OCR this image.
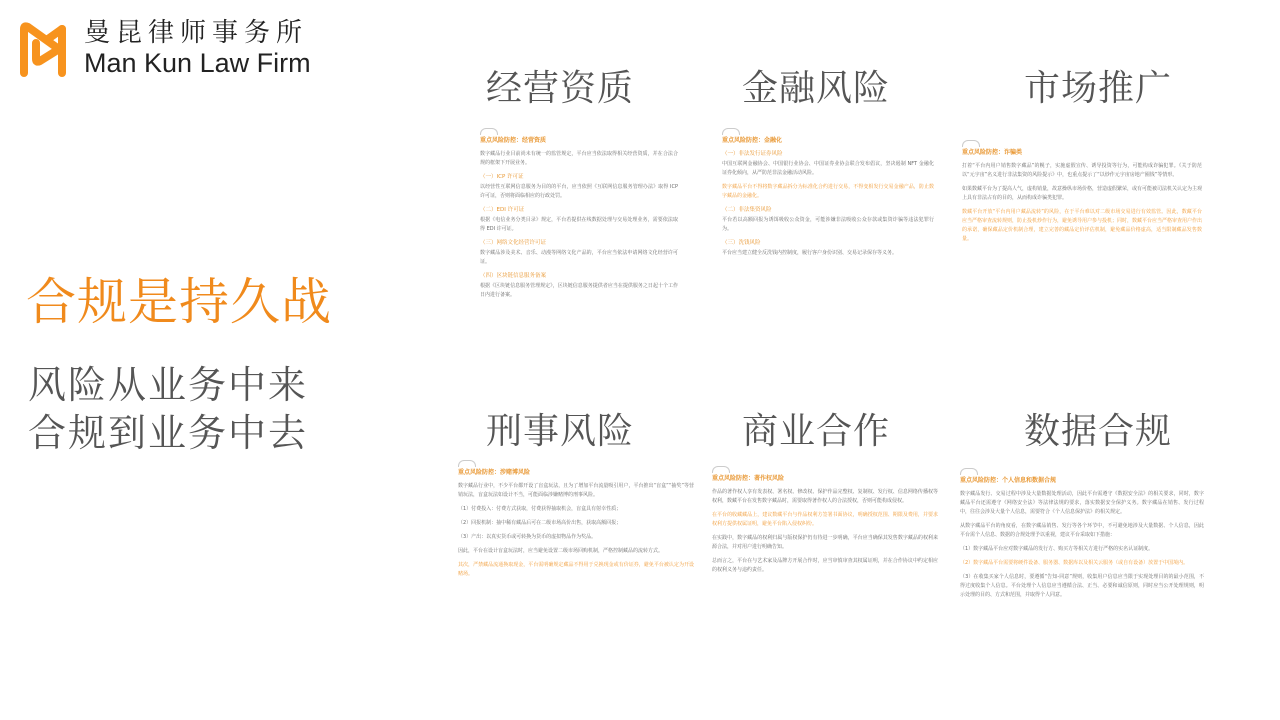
曼昆律师事务所
Man Kun Law Firm
合规是持久战
风险从业务中来
合规到业务中去
经营资质	金融风险	市场推广
刑事风险	商业合作	数据合规
重点风险防控：经营资质

数字藏品行业目前尚未有统一的监管规定，平台应当依法取得相关经营资质，并在合法合规的框架下开展业务。

（一）ICP 许可证

以经营性互联网信息服务为目的的平台，应当依照《互联网信息服务管理办法》取得 ICP 许可证，否则将面临相应的行政处罚。

（二）EDI 许可证

根据《电信业务分类目录》规定，平台若提供在线数据处理与交易处理业务，需要依法取得 EDI 许可证。

（三）网络文化经营许可证

数字藏品涉及美术、音乐、动漫等网络文化产品的，平台应当依法申请网络文化经营许可证。

（四）区块链信息服务备案

根据《区块链信息服务管理规定》，区块链信息服务提供者应当在提供服务之日起十个工作日内进行备案。

重点风险防控：金融化
（一）非法发行证券风险

中国互联网金融协会、中国银行业协会、中国证券业协会联合发布倡议，坚决遏制 NFT 金融化证券化倾向，从严防范非法金融活动风险。

数字藏品平台不得将数字藏品拆分为标准化合约进行交易，不得变相发行交易金融产品，防止数字藏品的金融化。

（二）非法集资风险

平台若以高额回报为诱饵吸收公众资金，可能涉嫌非法吸收公众存款或集资诈骗等违法犯罪行为。

（三）洗钱风险

平台应当建立健全反洗钱内控制度，履行客户身份识别、交易记录保存等义务。

重点风险防控：诈骗类

打着“平台内用户销售数字藏品”的幌子，实施虚假宣传、诱导投资等行为，可能构成诈骗犯罪。《关于防范以“元宇宙”名义进行非法集资的风险提示》中，也重点提示了“以炒作元宇宙房地产圈钱”等情形。

如果数藏平台为了提高人气，虚构销量，故意操纵市场价格，营造虚假繁荣，或有可能被司法机关认定为主观上具有非法占有的目的，从而构成诈骗类犯罪。

数藏平台开放“平台内用户藏品流转”的风险，在于平台难以对二级市场交易进行有效监管。因此，数藏平台应当严格审查流转规则，防止投机炒作行为，避免诱导用户参与投机；同时，数藏平台应当严格审查用户作出的承诺，确保藏品定价机制合理，建立完善的藏品定价评估机制，避免藏品价格虚高，适当限制藏品发售数量。

重点风险防控：涉赌博风险

数字藏品行业中，不少平台都开设了盲盒玩法，且为了增加平台流量吸引用户，平台推出“盲盒”“抽奖”等营销玩法，盲盒玩法如设计不当，可能面临涉嫌赌博的刑事风险。

（1）付费投入：付费方式获取，付费获得抽取机会，盲盒具有射幸性质；

（2）回报机制：抽中稀有藏品后可在二级市场高价出售，获取高额回报；

（3）产出：以真实货币或可转换为货币的虚拟物品作为奖品。

因此，平台在设计盲盒玩法时，应当避免设置二级市场回购机制，严格控制藏品的流转方式。

其次，严禁藏品流通换取现金，平台需明确规定藏品不得用于兑换现金或有价证券，避免平台被认定为开设赌场。

重点风险防控：著作权风险

作品的著作权人享有发表权、署名权、修改权、保护作品完整权、复制权、发行权、信息网络传播权等权利，数藏平台在发售数字藏品时，需要取得著作权人的合法授权，否则可能构成侵权。

在平台的收藏藏品上，建议数藏平台与作品权利方签署书面协议，明确授权范围、期限及费用，并要求权利方提供权属证明，避免平台陷入侵权纠纷。

在实践中，数字藏品的权利归属与版权保护仍有待进一步明确，平台应当确保其发售数字藏品的权利来源合法，并对用户进行明确告知。

总而言之，平台在与艺术家及品牌方开展合作时，应当审慎审查其权属证明，并在合作协议中约定相应的权利义务与违约责任。

重点风险防控：个人信息和数据合规

数字藏品发行、交易过程中涉及大量数据处理活动，因此平台需遵守《数据安全法》的相关要求，同时，数字藏品平台还需遵守《网络安全法》等法律法规的要求，落实数据安全保护义务。数字藏品在销售、发行过程中，往往会涉及大量个人信息，需要符合《个人信息保护法》的相关规定。

从数字藏品平台的角度看，在数字藏品销售、发行等各个环节中，不可避免地涉及大量数据、个人信息，因此平台需个人信息、数据的合规处理予以重视，建议平台采取如下措施：

（1）数字藏品平台应对数字藏品的发行方、购买方等相关方进行严格的实名认证制度。

（2）数字藏品平台需要将硬件设备、服务器、数据库以及相关云服务（或自有设备）放置于中国境内。

（3）在收集买家个人信息时，要遵循“告知-同意”规则，收集用户信息应当限于实现处理目的的最小范围，不得过度收集个人信息。平台处理个人信息应当遵循合法、正当、必要和诚信原则，同时应当公开处理规则，明示处理的目的、方式和范围，并取得个人同意。
